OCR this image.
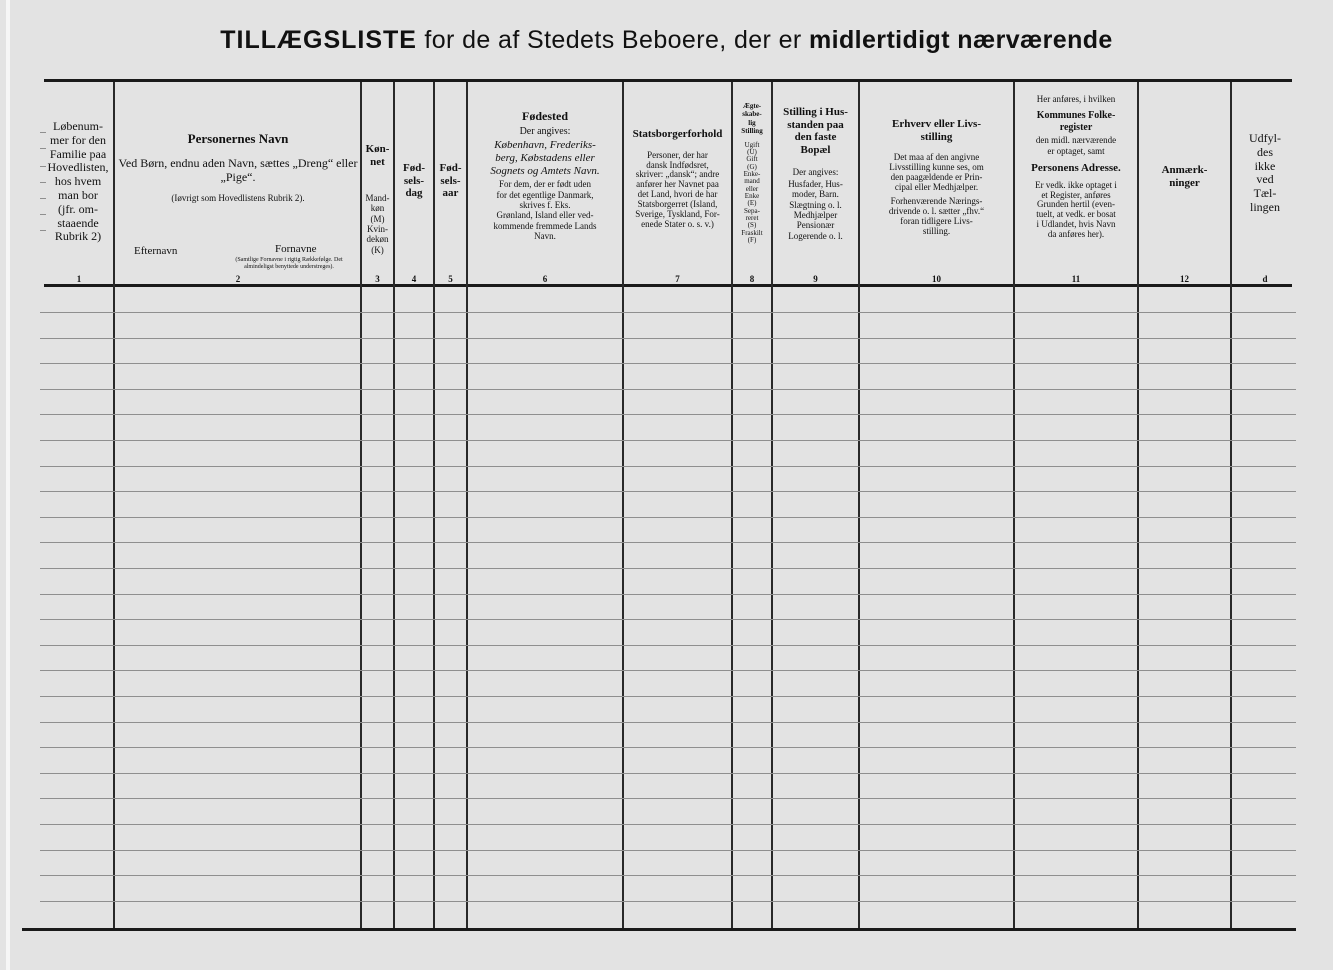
TILLÆGSLISTE for de af Stedets Beboere, der er midlertidigt nærværende
Løbenum-
mer for den
Familie paa
Hovedlisten,
hos hvem
man bor
(jfr. om-
staaende
Rubrik 2)
Personernes Navn
Ved Børn, endnu aden Navn, sættes „Dreng“ eller „Pige“.
(Iøvrigt som Hovedlistens Rubrik 2).
Efternavn	Fornavne
(Samtlige Fornavne i rigtig Rækkefølge. Det almindeligst benyttede understreges).

Køn-
net

Mand-
køn
(M)
Kvin-
dekøn
(K)

Fød-
sels-
dag
Fød-
sels-
aar
Fødested
Der angives:
København, Frederiks-
berg, Købstadens eller
Sognets og Amtets Navn.
For dem, der er født uden
for det egentlige Danmark,
skrives f. Eks.
Grønland, Island eller ved-
kommende fremmede Lands
Navn.
Statsborgerforhold
Personer, der har
dansk Indfødsret,
skriver: „dansk“; andre
anfører her Navnet paa
det Land, hvori de har
Statsborgerret (Island,
Sverige, Tyskland, For-
enede Stater o. s. v.)
Ægte-
skabe-
lig
Stilling
Ugift
(U)
Gift
(G)
Enke-
mand
eller
Enke
(E)
Sepa-
reret
(S)
Fraskilt
(F)
Stilling i Hus-
standen paa
den faste
Bopæl
Der angives:
Husfader, Hus-
moder, Barn.
Slægtning o. l.
Medhjælper
Pensionær
Logerende o. l.
Erhverv eller Livs-
stilling
Det maa af den angivne
Livsstilling kunne ses, om
den paagældende er Prin-
cipal eller Medhjælper.
Forhenværende Nærings-
drivende o. l. sætter „fhv.“
foran tidligere Livs-
stilling.
Her anføres, i hvilken
Kommunes Folke-
register
den midl. nærværende
er optaget, samt
Personens Adresse.
Er vedk. ikke optaget i
et Register, anføres
Grunden hertil (even-
tuelt, at vedk. er bosat
i Udlandet, hvis Navn
da anføres her).
Anmærk-
ninger
Udfyl-
des
ikke
ved
Tæl-
lingen
1	2	3	4	5	6	7	8	9	10	11	12	d
